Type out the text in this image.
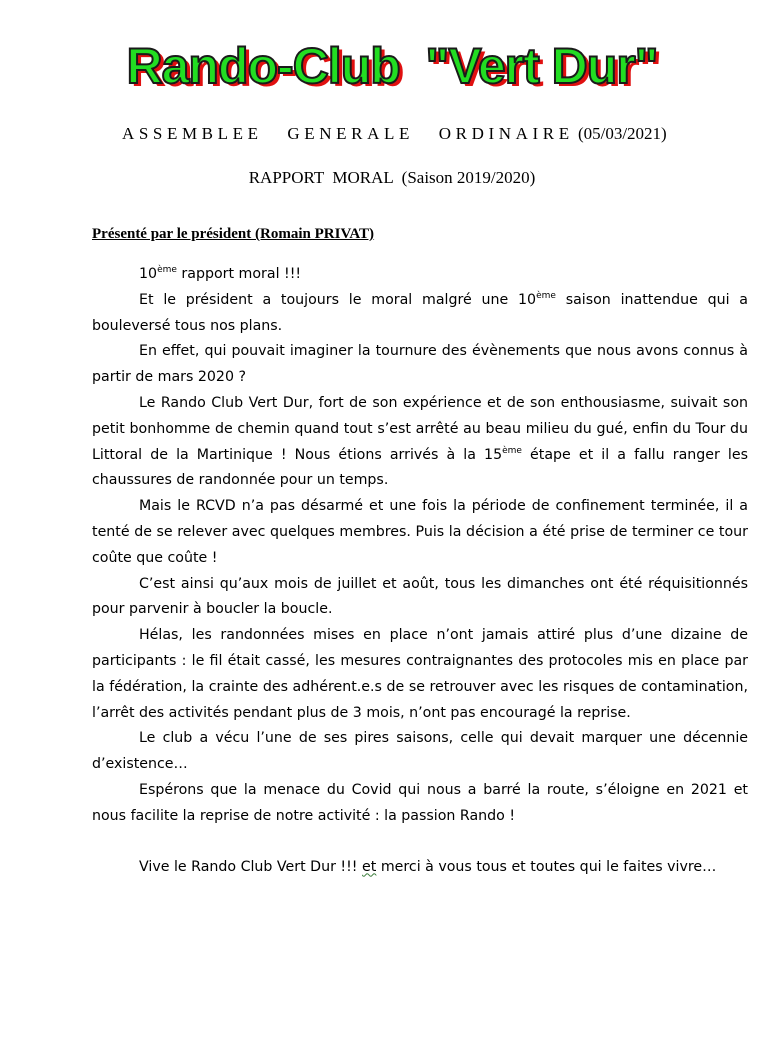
Rando-Club  "Vert Dur"
ASSEMBLEE GENERALE ORDINAIRE (05/03/2021)
RAPPORT  MORAL  (Saison 2019/2020)
Présenté par le président (Romain PRIVAT)

10ème rapport moral !!!

Et le président a toujours le moral malgré une 10ème saison inattendue qui a bouleversé tous nos plans.

En effet, qui pouvait imaginer la tournure des évènements que nous avons connus à partir de mars 2020 ?

Le Rando Club Vert Dur, fort de son expérience et de son enthousiasme, suivait son petit bonhomme de chemin quand tout s’est arrêté au beau milieu du gué, enfin du Tour du Littoral de la Martinique ! Nous étions arrivés à la 15ème étape et il a fallu ranger les chaussures de randonnée pour un temps.

Mais le RCVD n’a pas désarmé et une fois la période de confinement terminée, il a tenté de se relever avec quelques membres. Puis la décision a été prise de terminer ce tour coûte que coûte !

C’est ainsi qu’aux mois de juillet et août, tous les dimanches ont été réquisitionnés pour parvenir à boucler la boucle.

Hélas, les randonnées mises en place n’ont jamais attiré plus d’une dizaine de participants : le fil était cassé, les mesures contraignantes des protocoles mis en place par la fédération, la crainte des adhérent.e.s de se retrouver avec les risques de contamination, l’arrêt des activités pendant plus de 3 mois, n’ont pas encouragé la reprise.

Le club a vécu l’une de ses pires saisons, celle qui devait marquer une décennie d’existence…

Espérons que la menace du Covid qui nous a barré la route, s’éloigne en 2021 et nous facilite la reprise de notre activité : la passion Rando !

Vive le Rando Club Vert Dur !!! et merci à vous tous et toutes qui le faites vivre…
